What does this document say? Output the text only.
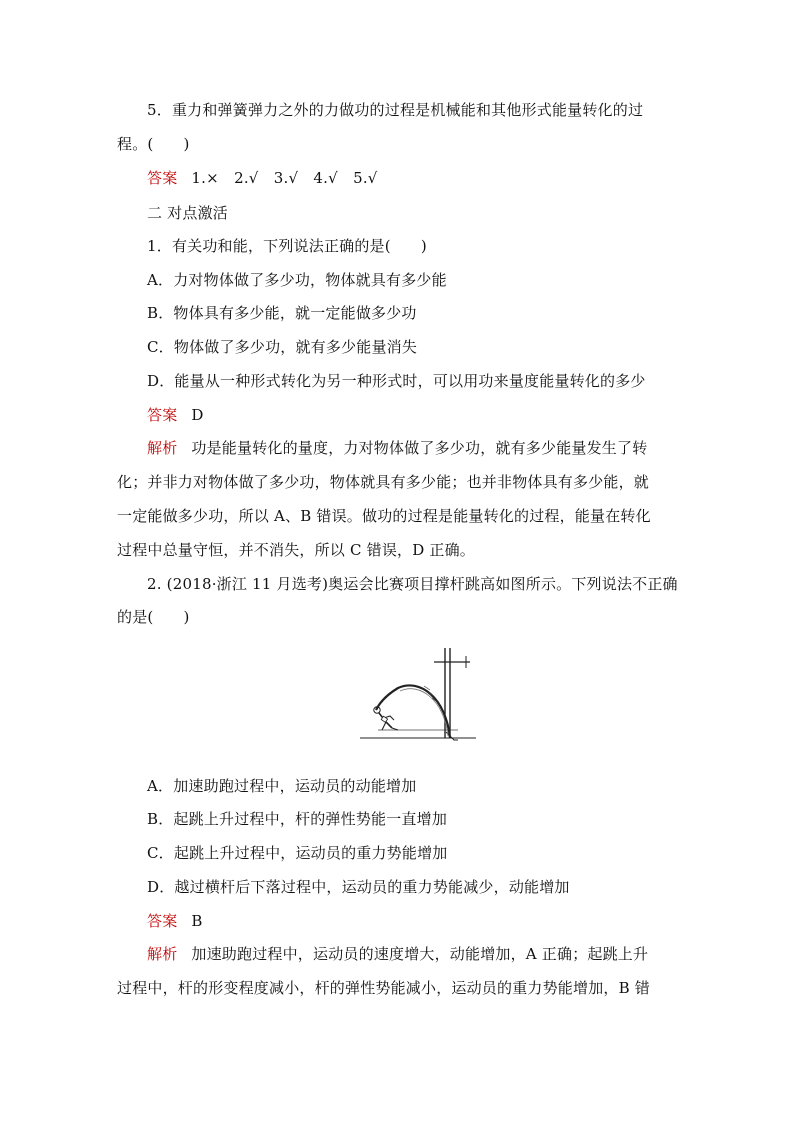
5．重力和弹簧弹力之外的力做功的过程是机械能和其他形式能量转化的过
程。( )
答案 1.×　2.√　3.√　4.√　5.√
二 对点激活
1．有关功和能，下列说法正确的是( )
A．力对物体做了多少功，物体就具有多少能
B．物体具有多少能，就一定能做多少功
C．物体做了多少功，就有多少能量消失
D．能量从一种形式转化为另一种形式时，可以用功来量度能量转化的多少
答案 D
解析 功是能量转化的量度，力对物体做了多少功，就有多少能量发生了转
化；并非力对物体做了多少功，物体就具有多少能；也并非物体具有多少能，就
一定能做多少功，所以 A、B 错误。做功的过程是能量转化的过程，能量在转化
过程中总量守恒，并不消失，所以 C 错误，D 正确。
2. (2018·浙江 11 月选考)奥运会比赛项目撑杆跳高如图所示。下列说法不正确
的是( )
A．加速助跑过程中，运动员的动能增加
B．起跳上升过程中，杆的弹性势能一直增加
C．起跳上升过程中，运动员的重力势能增加
D．越过横杆后下落过程中，运动员的重力势能减少，动能增加
答案 B
解析 加速助跑过程中，运动员的速度增大，动能增加，A 正确；起跳上升
过程中，杆的形变程度减小，杆的弹性势能减小，运动员的重力势能增加，B 错
